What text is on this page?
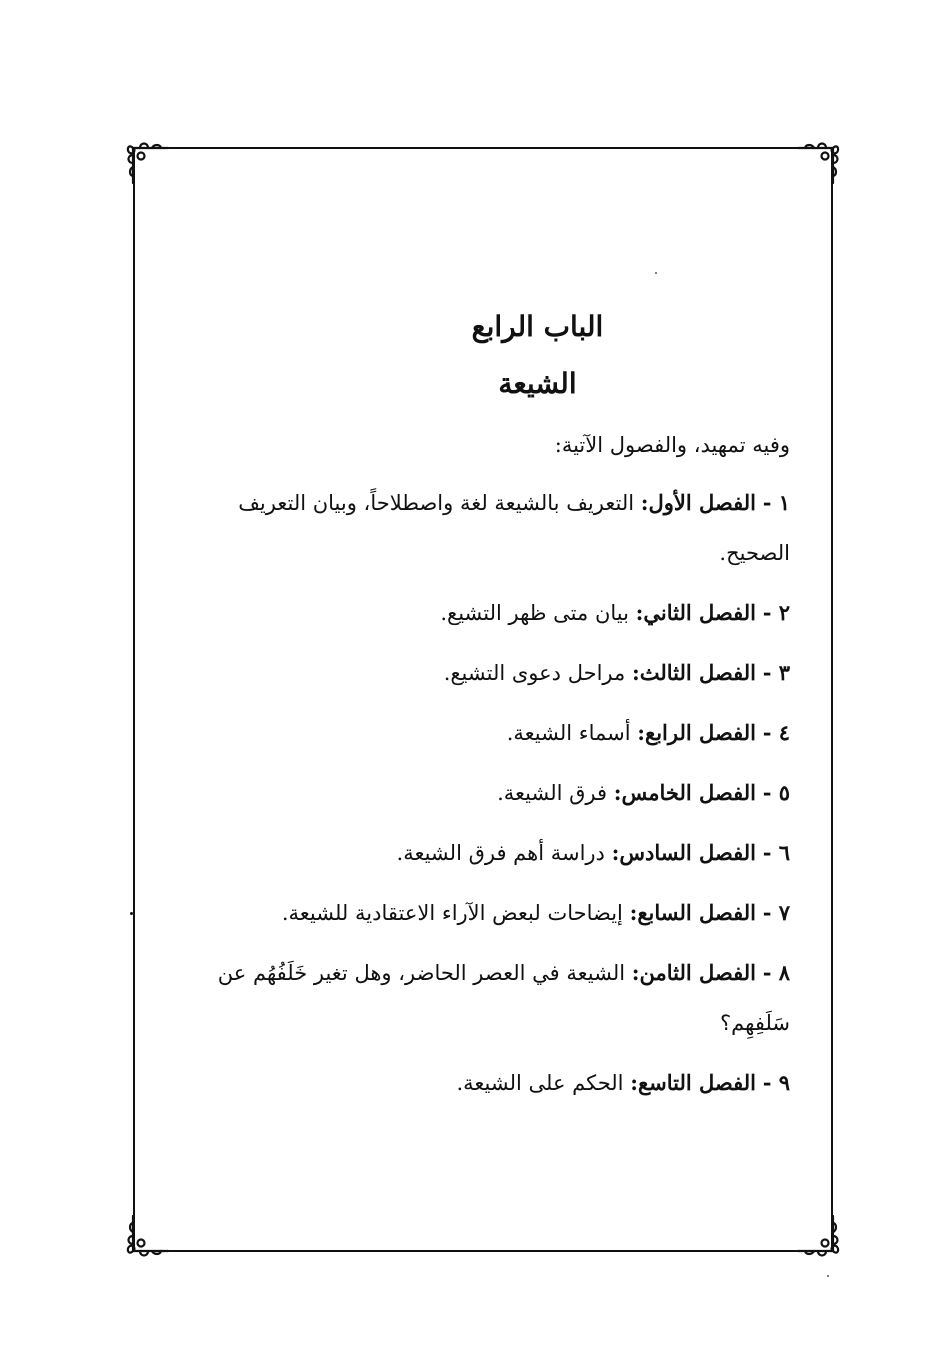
الباب الرابع
الشيعة
وفيه تمهيد، والفصول الآتية:
١ - الفصل الأول: التعريف بالشيعة لغة واصطلاحاً، وبيان التعريف الصحيح.
٢ - الفصل الثاني: بيان متى ظهر التشيع.
٣ - الفصل الثالث: مراحل دعوى التشيع.
٤ - الفصل الرابع: أسماء الشيعة.
٥ - الفصل الخامس: فرق الشيعة.
٦ - الفصل السادس: دراسة أهم فرق الشيعة.
٧ - الفصل السابع: إيضاحات لبعض الآراء الاعتقادية للشيعة.
٨ - الفصل الثامن: الشيعة في العصر الحاضر، وهل تغير خَلَفُهُم عن سَلَفِهِم؟
٩ - الفصل التاسع: الحكم على الشيعة.
